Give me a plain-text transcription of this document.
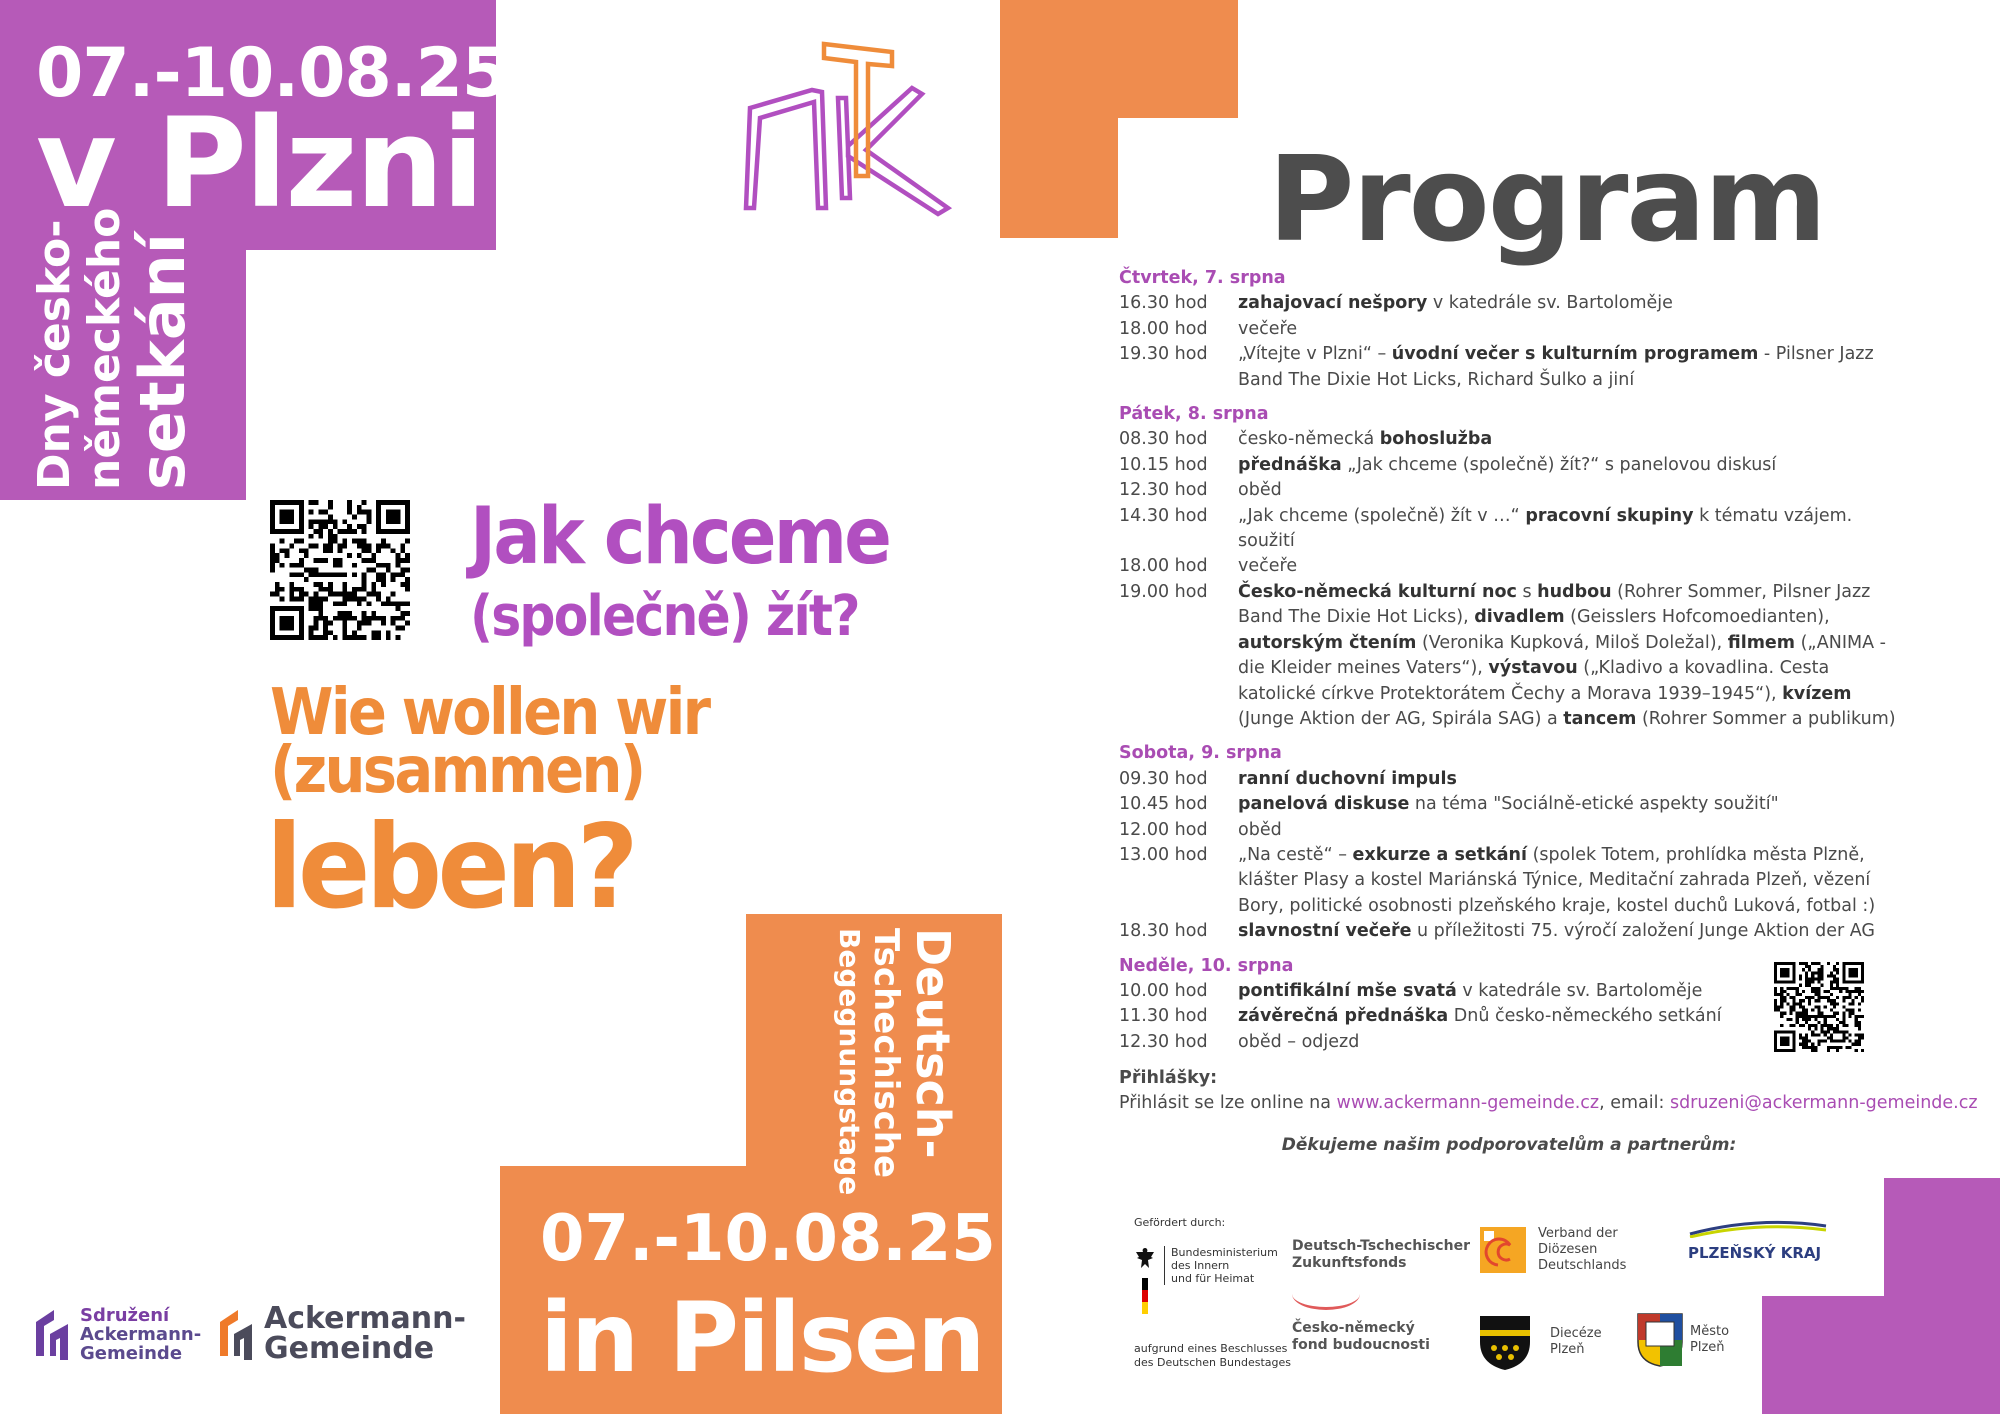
07.-10.08.25
v Plzni
Dny česko- německého
setkání
Jak chceme
(společně) žít?
Wie wollen wir
(zusammen)
leben?
Deutsch-
Tschechische
Begegnungstage
07.-10.08.25
in Pilsen
Sdružení
Ackermann-
Gemeinde
Ackermann-
Gemeinde
Program
Čtvrtek, 7. srpna
16.30 hod	zahajovací nešpory v katedrále sv. Bartoloměje
18.00 hod	večeře
19.30 hod	„Vítejte v Plzni“ – úvodní večer s kulturním programem - Pilsner Jazz Band The Dixie Hot Licks, Richard Šulko a jiní
Pátek, 8. srpna
08.30 hod	česko-německá bohoslužba
10.15 hod	přednáška „Jak chceme (společně) žít?“ s panelovou diskusí
12.30 hod	oběd
14.30 hod	„Jak chceme (společně) žít v …“ pracovní skupiny k tématu vzájem. soužití
18.00 hod	večeře
19.00 hod	Česko-německá kulturní noc s hudbou (Rohrer Sommer, Pilsner Jazz Band The Dixie Hot Licks), divadlem (Geisslers Hofcomoedianten), autorským čtením (Veronika Kupková, Miloš Doležal), filmem („ANIMA - die Kleider meines Vaters“), výstavou („Kladivo a kovadlina. Cesta katolické církve Protektorátem Čechy a Morava 1939–1945“), kvízem (Junge Aktion der AG, Spirála SAG) a tancem (Rohrer Sommer a publikum)
Sobota, 9. srpna
09.30 hod	ranní duchovní impuls
10.45 hod	panelová diskuse na téma "Sociálně-etické aspekty soužití"
12.00 hod	oběd
13.00 hod	„Na cestě“ – exkurze a setkání (spolek Totem, prohlídka města Plzně, klášter Plasy a kostel Mariánská Týnice, Meditační zahrada Plzeň, vězení Bory, politické osobnosti plzeňského kraje, kostel duchů Luková, fotbal :)
18.30 hod	slavnostní večeře u příležitosti 75. výročí založení Junge Aktion der AG
Neděle, 10. srpna
10.00 hod	pontifikální mše svatá v katedrále sv. Bartoloměje
11.30 hod	závěrečná přednáška Dnů česko-německého setkání
12.30 hod	oběd – odjezd
Přihlášky:
Přihlásit se lze online na www.ackermann-gemeinde.cz, email: sdruzeni@ackermann-gemeinde.cz
Děkujeme našim podporovatelům a partnerům:
Gefördert durch:
Bundesministerium
des Innern
und für Heimat
aufgrund eines Beschlusses
des Deutschen Bundestages
Deutsch-Tschechischer
Zukunftsfonds
Česko-německý
fond budoucnosti
Verband der
Diözesen
Deutschlands
PLZEŇSKÝ KRAJ
Diecéze
Plzeň
Město
Plzeň
